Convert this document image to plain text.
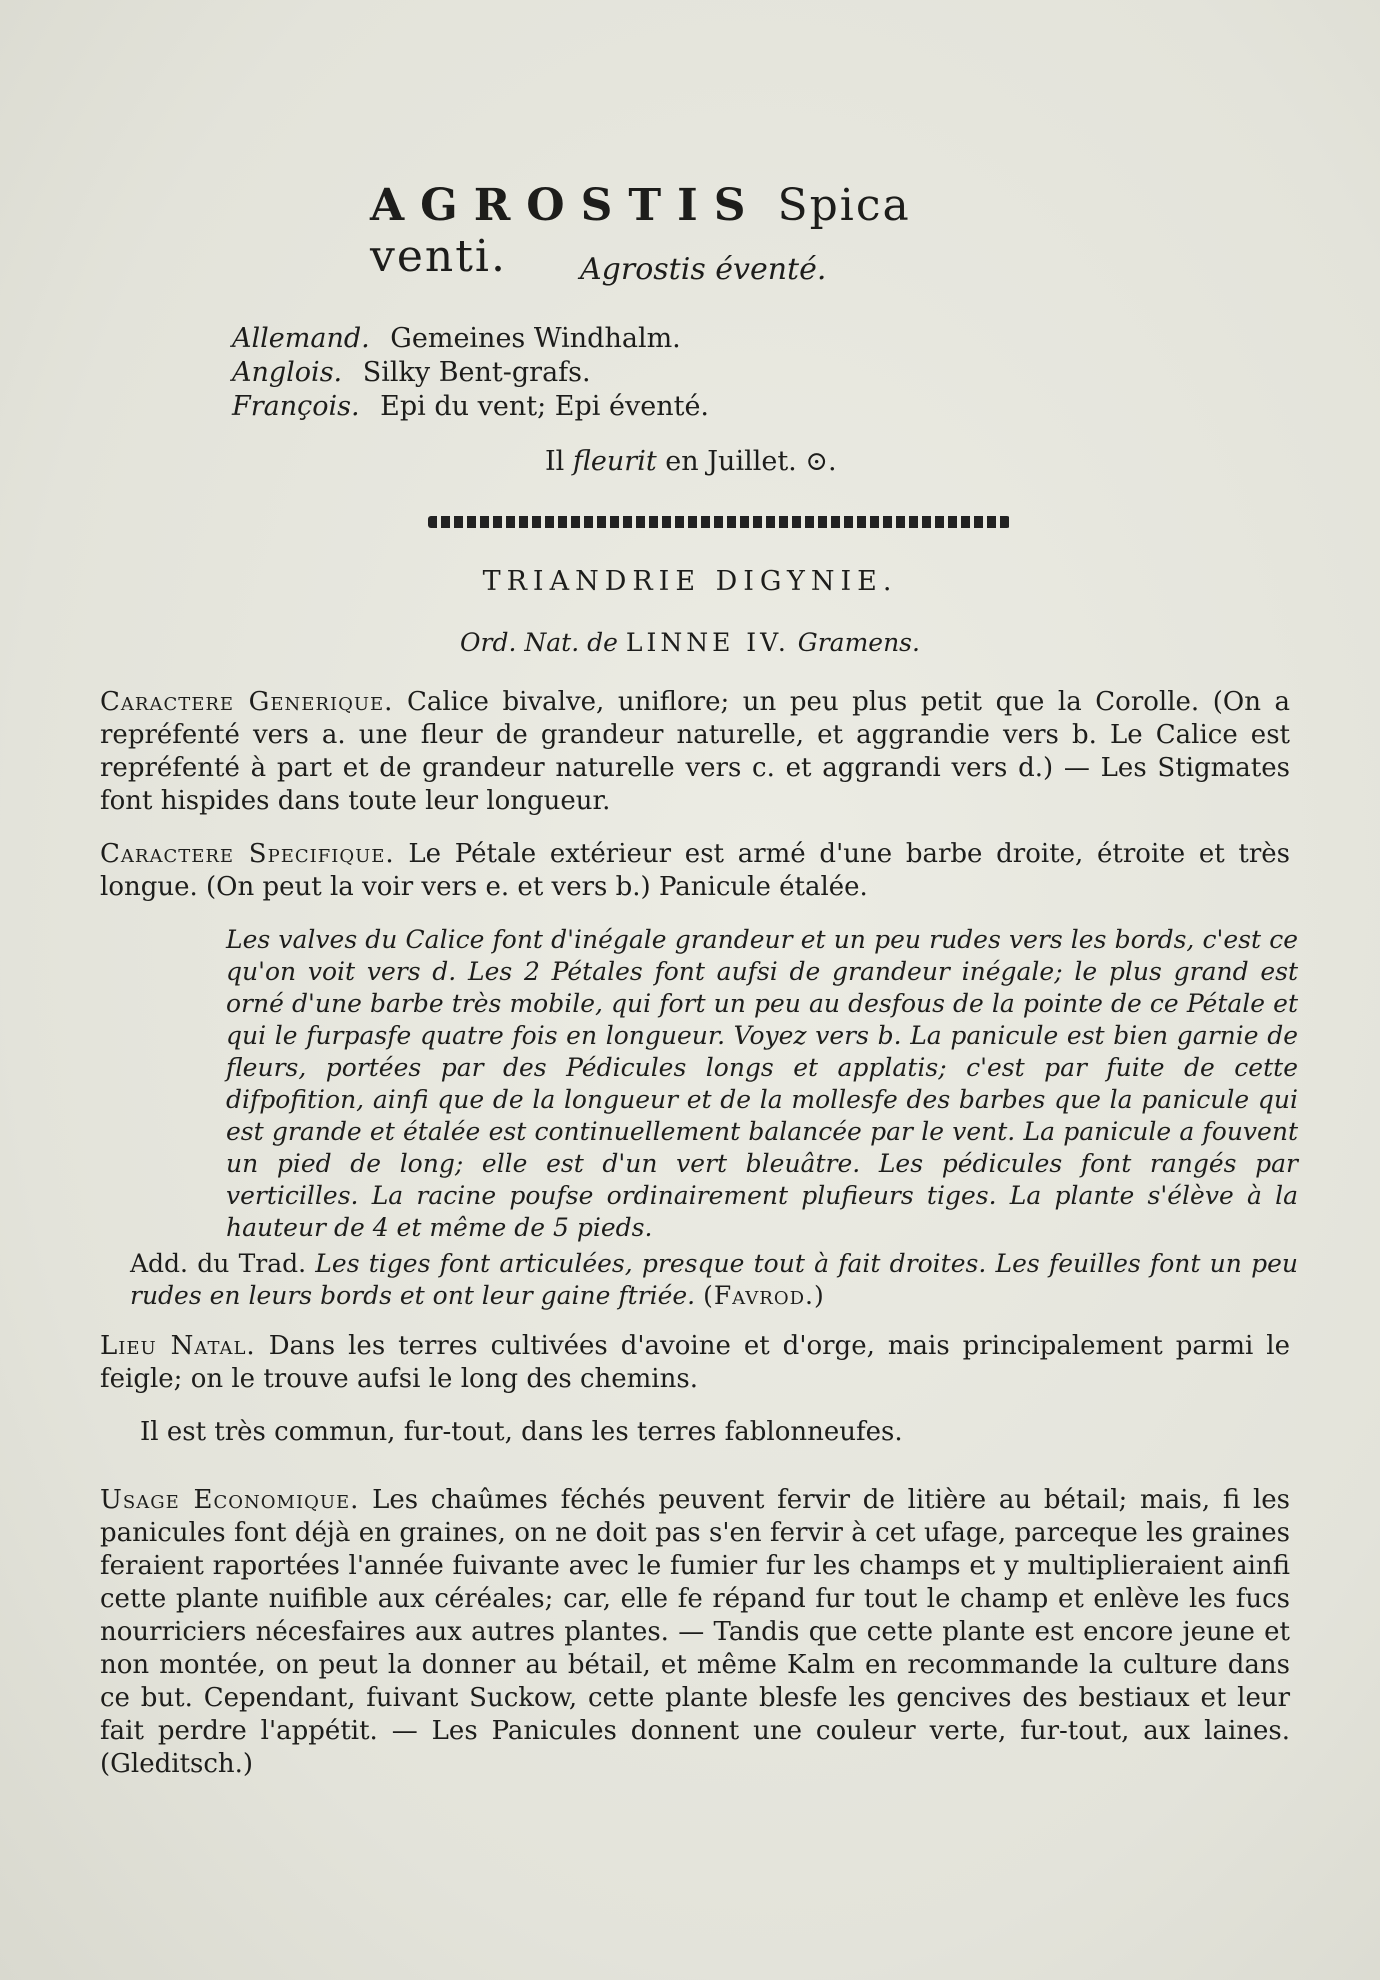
AGROSTIS Spica venti.	Agrostis éventé.
Allemand. Gemeines Windhalm.
Anglois. Silky Bent-grafs.
François. Epi du vent; Epi éventé.
Il fleurit en Juillet. ⊙.
TRIANDRIE DIGYNIE.
Ord. Nat. de LINNE IV. Gramens.

Caractere Generique. Calice bivalve, uniflore; un peu plus petit que la Corolle. (On a repréfenté vers a. une fleur de grandeur naturelle, et aggrandie vers b. Le Calice est repréfenté à part et de grandeur naturelle vers c. et aggrandi vers d.) — Les Stigmates font hispides dans toute leur longueur.

Caractere Specifique. Le Pétale extérieur est armé d'une barbe droite, étroite et très longue. (On peut la voir vers e. et vers b.) Panicule étalée.

Les valves du Calice font d'inégale grandeur et un peu rudes vers les bords, c'est ce qu'on voit vers d. Les 2 Pétales font aufsi de grandeur inégale; le plus grand est orné d'une barbe très mobile, qui fort un peu au desfous de la pointe de ce Pétale et qui le furpasfe quatre fois en longueur. Voyez vers b. La panicule est bien garnie de fleurs, portées par des Pédicules longs et applatis; c'est par fuite de cette difpofition, ainfi que de la longueur et de la mollesfe des barbes que la panicule qui est grande et étalée est continuellement balancée par le vent. La panicule a fouvent un pied de long; elle est d'un vert bleuâtre. Les pédicules font rangés par verticilles. La racine poufse ordinairement plufieurs tiges. La plante s'élève à la hauteur de 4 et même de 5 pieds.

Add. du Trad. Les tiges font articulées, presque tout à fait droites. Les feuilles font un peu rudes en leurs bords et ont leur gaine ftriée. (Favrod.)

Lieu Natal. Dans les terres cultivées d'avoine et d'orge, mais principalement parmi le feigle; on le trouve aufsi le long des chemins.

Il est très commun, fur-tout, dans les terres fablonneufes.

Usage Economique. Les chaûmes féchés peuvent fervir de litière au bétail; mais, fi les panicules font déjà en graines, on ne doit pas s'en fervir à cet ufage, parceque les graines feraient raportées l'année fuivante avec le fumier fur les champs et y multiplieraient ainfi cette plante nuifible aux céréales; car, elle fe répand fur tout le champ et enlève les fucs nourriciers nécesfaires aux autres plantes. — Tandis que cette plante est encore jeune et non montée, on peut la donner au bétail, et même Kalm en recommande la culture dans ce but. Cependant, fuivant Suckow, cette plante blesfe les gencives des bestiaux et leur fait perdre l'appétit. — Les Panicules donnent une couleur verte, fur-tout, aux laines. (Gleditsch.)
